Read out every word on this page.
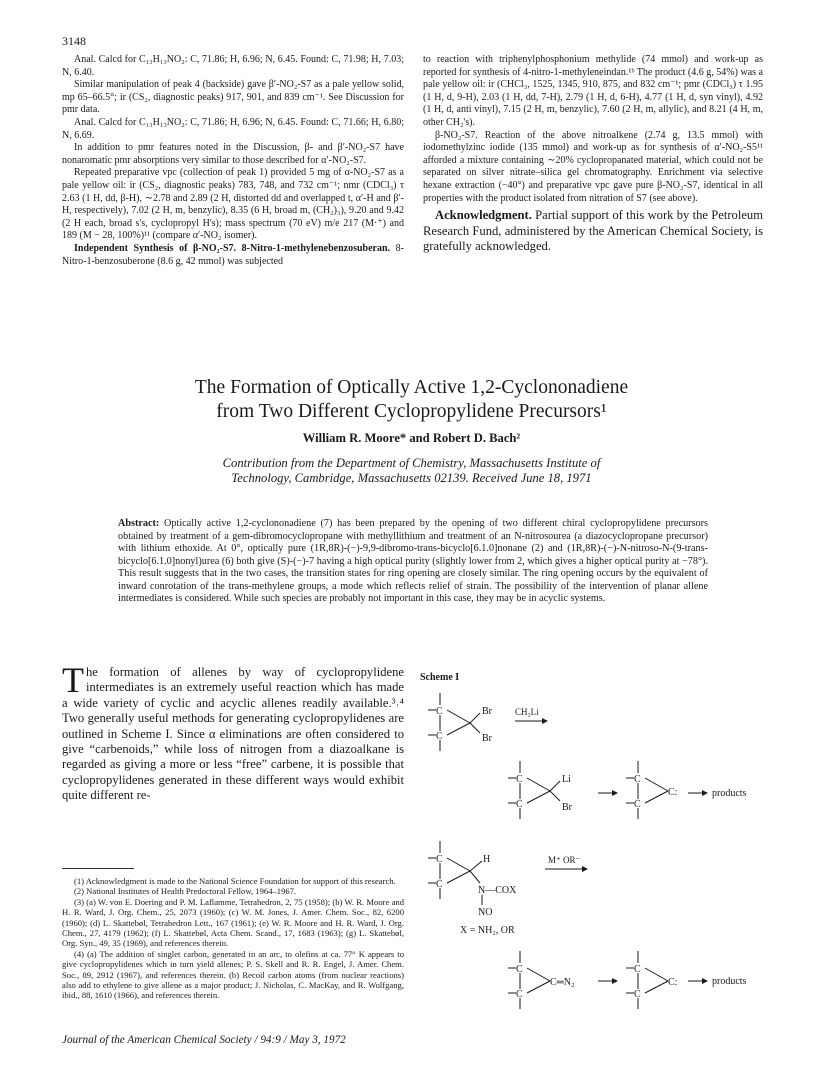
3148

Anal. Calcd for C₁₃H₁₃NO₂: C, 71.86; H, 6.96; N, 6.45. Found: C, 71.98; H, 7.03; N, 6.40.

Similar manipulation of peak 4 (backside) gave β′-NO₂-S7 as a pale yellow solid, mp 65–66.5°; ir (CS₂, diagnostic peaks) 917, 901, and 839 cm⁻¹. See Discussion for pmr data.

Anal. Calcd for C₁₃H₁₃NO₂: C, 71.86; H, 6.96; N, 6.45. Found: C, 71.66; H, 6.80; N, 6.69.

In addition to pmr features noted in the Discussion, β- and β′-NO₂-S7 have nonaromatic pmr absorptions very similar to those described for α′-NO₂-S7.

Repeated preparative vpc (collection of peak 1) provided 5 mg of α-NO₂-S7 as a pale yellow oil: ir (CS₂, diagnostic peaks) 783, 748, and 732 cm⁻¹; nmr (CDCl₃) τ 2.63 (1 H, dd, β-H), ∼2.78 and 2.89 (2 H, distorted dd and overlapped t, α′-H and β′-H, respectively), 7.02 (2 H, m, benzylic), 8.35 (6 H, broad m, (CH₂)₃), 9.20 and 9.42 (2 H each, broad s's, cyclopropyl H's); mass spectrum (70 eV) m/e 217 (M·⁺) and 189 (M − 28, 100%)¹¹ (compare α′-NO₂ isomer).

Independent Synthesis of β-NO₂-S7. 8-Nitro-1-methylenebenzosuberan. 8-Nitro-1-benzosuberone (8.6 g, 42 mmol) was subjected

to reaction with triphenylphosphonium methylide (74 mmol) and work-up as reported for synthesis of 4-nitro-1-methyleneindan.¹ᵇ The product (4.6 g, 54%) was a pale yellow oil: ir (CHCl₃, 1525, 1345, 910, 875, and 832 cm⁻¹; pmr (CDCl₃) τ 1.95 (1 H, d, 9-H), 2.03 (1 H, dd, 7-H), 2.79 (1 H, d, 6-H), 4.77 (1 H, d, syn vinyl), 4.92 (1 H, d, anti vinyl), 7.15 (2 H, m, benzylic), 7.60 (2 H, m, allylic), and 8.21 (4 H, m, other CH₂'s).

β-NO₂-S7. Reaction of the above nitroalkene (2.74 g, 13.5 mmol) with iodomethylzinc iodide (135 mmol) and work-up as for synthesis of α′-NO₂-S5¹¹ afforded a mixture containing ∼20% cyclopropanated material, which could not be separated on silver nitrate–silica gel chromatography. Enrichment via selective hexane extraction (−40°) and preparative vpc gave pure β-NO₂-S7, identical in all properties with the product isolated from nitration of S7 (see above).

Acknowledgment. Partial support of this work by the Petroleum Research Fund, administered by the American Chemical Society, is gratefully acknowledged.

The Formation of Optically Active 1,2-Cyclononadiene
from Two Different Cyclopropylidene Precursors¹
William R. Moore* and Robert D. Bach²
Contribution from the Department of Chemistry, Massachusetts Institute of
Technology, Cambridge, Massachusetts 02139. Received June 18, 1971
Abstract: Optically active 1,2-cyclononadiene (7) has been prepared by the opening of two different chiral cyclopropylidene precursors obtained by treatment of a gem-dibromocyclopropane with methyllithium and treatment of an N-nitrosourea (a diazocyclopropane precursor) with lithium ethoxide. At 0°, optically pure (1R,8R)-(−)-9,9-dibromo-trans-bicyclo[6.1.0]nonane (2) and (1R,8R)-(−)-N-nitroso-N-(9-trans-bicyclo[6.1.0]nonyl)urea (6) both give (S)-(−)-7 having a high optical purity (slightly lower from 2, which gives a higher optical purity at −78°). This result suggests that in the two cases, the transition states for ring opening are closely similar. The ring opening occurs by the equivalent of inward conrotation of the trans-methylene groups, a mode which reflects relief of strain. The possibility of the intervention of planar allene intermediates is considered. While such species are probably not important in this case, they may be in acyclic systems.
The formation of allenes by way of cyclopropylidene intermediates is an extremely useful reaction which has made a wide variety of cyclic and acyclic allenes readily available.³˒⁴ Two generally useful methods for generating cyclopropylidenes are outlined in Scheme I. Since α eliminations are often considered to give “carbenoids,” while loss of nitrogen from a diazoalkane is regarded as giving a more or less “free” carbene, it is possible that cyclopropylidenes generated in these different ways would exhibit quite different re-

(1) Acknowledgment is made to the National Science Foundation for support of this research.

(2) National Institutes of Health Predoctoral Fellow, 1964–1967.

(3) (a) W. von E. Doering and P. M. Laflamme, Tetrahedron, 2, 75 (1958); (b) W. R. Moore and H. R. Ward, J. Org. Chem., 25, 2073 (1960); (c) W. M. Jones, J. Amer. Chem. Soc., 82, 6200 (1960); (d) L. Skattebøl, Tetrahedron Lett., 167 (1961); (e) W. R. Moore and H. R. Ward, J. Org. Chem., 27, 4179 (1962); (f) L. Skattebøl, Acta Chem. Scand., 17, 1683 (1963); (g) L. Skattebøl, Org. Syn., 49, 35 (1969), and references therein.

(4) (a) The addition of singlet carbon, generated in an arc, to olefins at ca. 77° K appears to give cyclopropylidenes which in turn yield allenes; P. S. Skell and R. R. Engel, J. Amer. Chem. Soc., 89, 2912 (1967), and references therein. (b) Recoil carbon atoms (from nuclear reactions) also add to ethylene to give allene as a major product; J. Nicholas, C. MacKay, and R. Wolfgang, ibid., 88, 1610 (1966), and references therein.

Scheme I
C
C
Br
Br
CH₃Li
C
C
Li
Br
C
C
C:	products
C
C
H
N—COX
NO
X = NH₂, OR
M⁺ OR⁻
C
C
C═N₂
C
C
C:	products
Journal of the American Chemical Society / 94:9 / May 3, 1972
